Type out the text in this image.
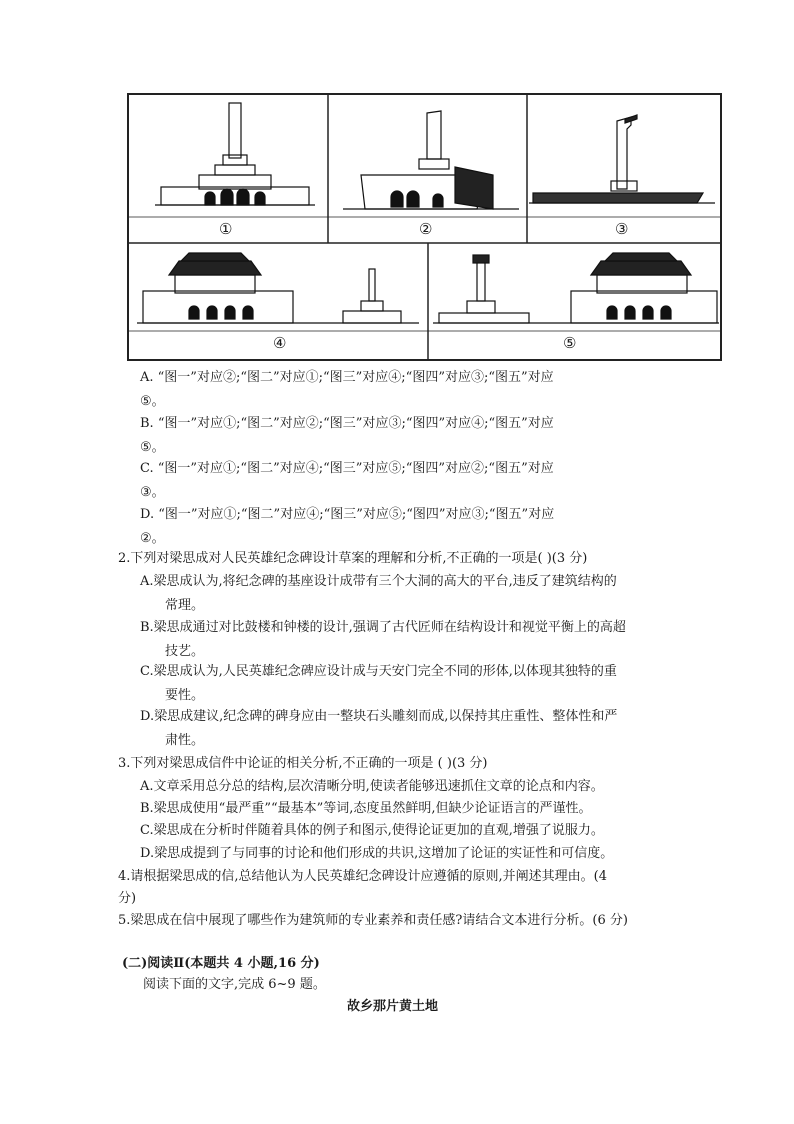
①	②	③
④	⑤
A. “图一”对应②;“图二”对应①;“图三”对应④;“图四”对应③;“图五”对应
⑤。
B. “图一”对应①;“图二”对应②;“图三”对应③;“图四”对应④;“图五”对应
⑤。
C. “图一”对应①;“图二”对应④;“图三”对应⑤;“图四”对应②;“图五”对应
③。
D. “图一”对应①;“图二”对应④;“图三”对应⑤;“图四”对应③;“图五”对应
②。
2.下列对梁思成对人民英雄纪念碑设计草案的理解和分析,不正确的一项是( )(3 分)
A.梁思成认为,将纪念碑的基座设计成带有三个大洞的高大的平台,违反了建筑结构的
常理。
B.梁思成通过对比鼓楼和钟楼的设计,强调了古代匠师在结构设计和视觉平衡上的高超
技艺。
C.梁思成认为,人民英雄纪念碑应设计成与天安门完全不同的形体,以体现其独特的重
要性。
D.梁思成建议,纪念碑的碑身应由一整块石头雕刻而成,以保持其庄重性、整体性和严
肃性。
3.下列对梁思成信件中论证的相关分析,不正确的一项是 ( )(3 分)
A.文章采用总分总的结构,层次清晰分明,使读者能够迅速抓住文章的论点和内容。
B.梁思成使用“最严重”“最基本”等词,态度虽然鲜明,但缺少论证语言的严谨性。
C.梁思成在分析时伴随着具体的例子和图示,使得论证更加的直观,增强了说服力。
D.梁思成提到了与同事的讨论和他们形成的共识,这增加了论证的实证性和可信度。
4.请根据梁思成的信,总结他认为人民英雄纪念碑设计应遵循的原则,并阐述其理由。(4
分)
5.梁思成在信中展现了哪些作为建筑师的专业素养和责任感?请结合文本进行分析。(6 分)
(二)阅读Ⅱ(本题共 4 小题,16 分)
阅读下面的文字,完成 6~9 题。
故乡那片黄土地
